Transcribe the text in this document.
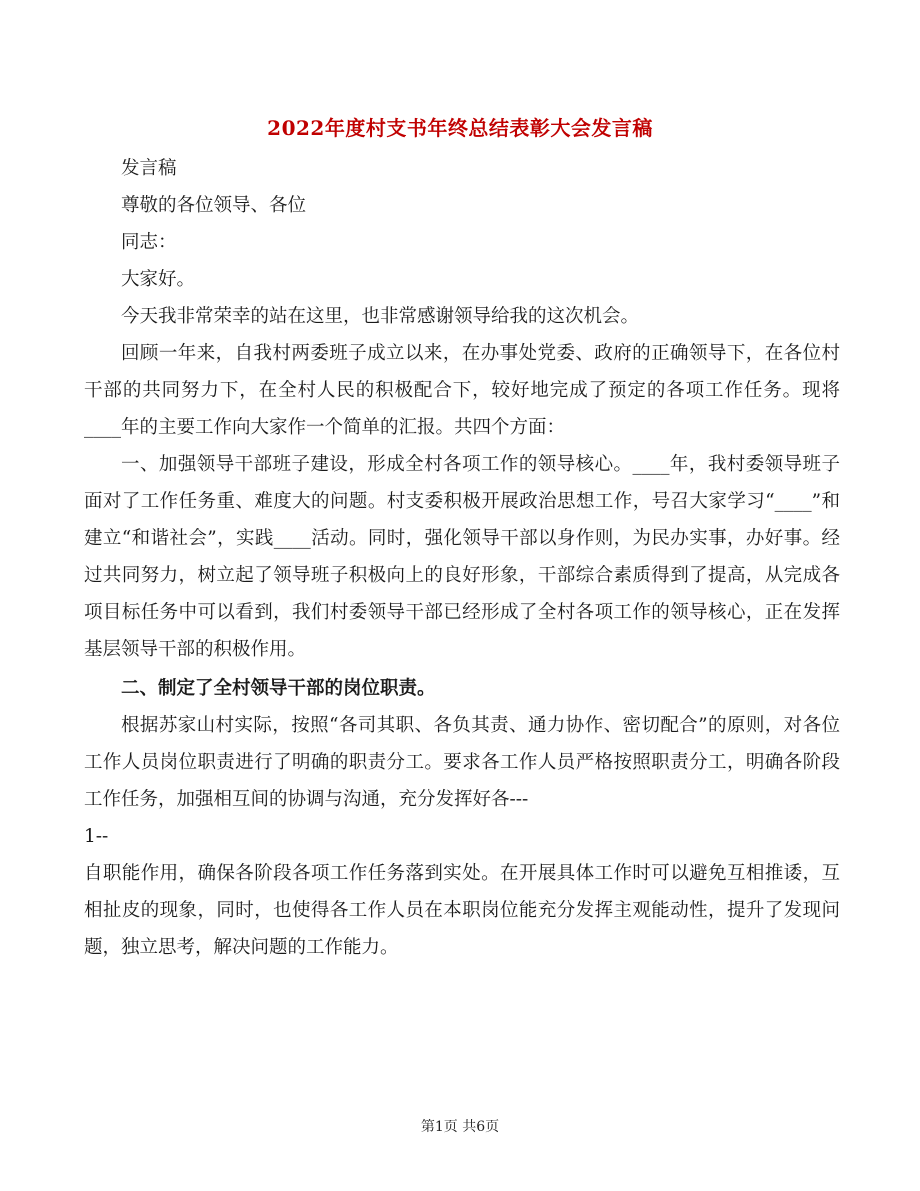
2022年度村支书年终总结表彰大会发言稿

发言稿

尊敬的各位领导、各位

同志：

大家好。

今天我非常荣幸的站在这里，也非常感谢领导给我的这次机会。

回顾一年来，自我村两委班子成立以来，在办事处党委、政府的正确领导下，在各位村干部的共同努力下，在全村人民的积极配合下，较好地完成了预定的各项工作任务。现将____年的主要工作向大家作一个简单的汇报。共四个方面：

一、加强领导干部班子建设，形成全村各项工作的领导核心。____年，我村委领导班子面对了工作任务重、难度大的问题。村支委积极开展政治思想工作，号召大家学习“____”和建立“和谐社会”，实践____活动。同时，强化领导干部以身作则，为民办实事，办好事。经过共同努力，树立起了领导班子积极向上的良好形象，干部综合素质得到了提高，从完成各项目标任务中可以看到，我们村委领导干部已经形成了全村各项工作的领导核心，正在发挥基层领导干部的积极作用。

二、制定了全村领导干部的岗位职责。

根据苏家山村实际，按照“各司其职、各负其责、通力协作、密切配合”的原则，对各位工作人员岗位职责进行了明确的职责分工。要求各工作人员严格按照职责分工，明确各阶段工作任务，加强相互间的协调与沟通，充分发挥好各---

1--

自职能作用，确保各阶段各项工作任务落到实处。在开展具体工作时可以避免互相推诿，互相扯皮的现象，同时，也使得各工作人员在本职岗位能充分发挥主观能动性，提升了发现问题，独立思考，解决问题的工作能力。

第1页 共6页
